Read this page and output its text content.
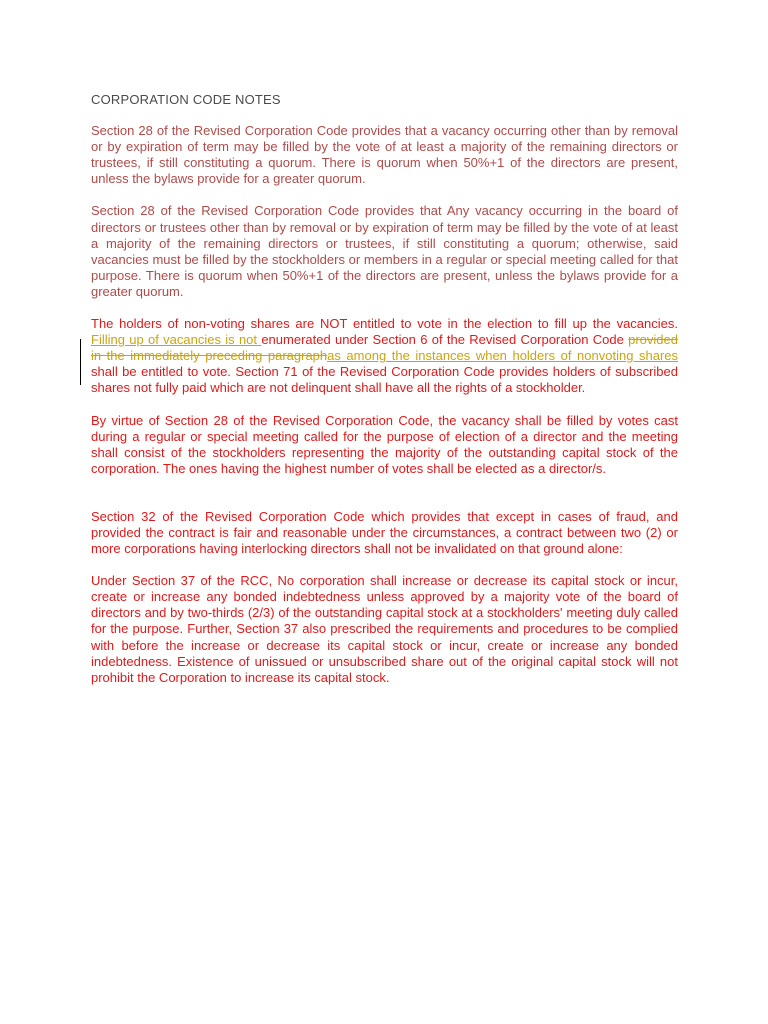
CORPORATION CODE NOTES

Section 28 of the Revised Corporation Code provides that a vacancy occurring other than by removal or by expiration of term may be filled by the vote of at least a majority of the remaining directors or trustees, if still constituting a quorum. There is quorum when 50%+1 of the directors are present, unless the bylaws provide for a greater quorum.

Section 28 of the Revised Corporation Code provides that Any vacancy occurring in the board of directors or trustees other than by removal or by expiration of term may be filled by the vote of at least a majority of the remaining directors or trustees, if still constituting a quorum; otherwise, said vacancies must be filled by the stockholders or members in a regular or special meeting called for that purpose. There is quorum when 50%+1 of the directors are present, unless the bylaws provide for a greater quorum.

The holders of non-voting shares are NOT entitled to vote in the election to fill up the vacancies. Filling up of vacancies is not enumerated under Section 6 of the Revised Corporation Code provided in the immediately preceding paragraphas among the instances when holders of nonvoting shares shall be entitled to vote. Section 71 of the Revised Corporation Code provides holders of subscribed shares not fully paid which are not delinquent shall have all the rights of a stockholder.

By virtue of Section 28 of the Revised Corporation Code, the vacancy shall be filled by votes cast during a regular or special meeting called for the purpose of election of a director and the meeting shall consist of the stockholders representing the majority of the outstanding capital stock of the corporation. The ones having the highest number of votes shall be elected as a director/s.

Section 32 of the Revised Corporation Code which provides that except in cases of fraud, and provided the contract is fair and reasonable under the circumstances, a contract between two (2) or more corporations having interlocking directors shall not be invalidated on that ground alone:

Under Section 37 of the RCC, No corporation shall increase or decrease its capital stock or incur, create or increase any bonded indebtedness unless approved by a majority vote of the board of directors and by two-thirds (2/3) of the outstanding capital stock at a stockholders' meeting duly called for the purpose. Further, Section 37 also prescribed the requirements and procedures to be complied with before the increase or decrease its capital stock or incur, create or increase any bonded indebtedness. Existence of unissued or unsubscribed share out of the original capital stock will not prohibit the Corporation to increase its capital stock.
